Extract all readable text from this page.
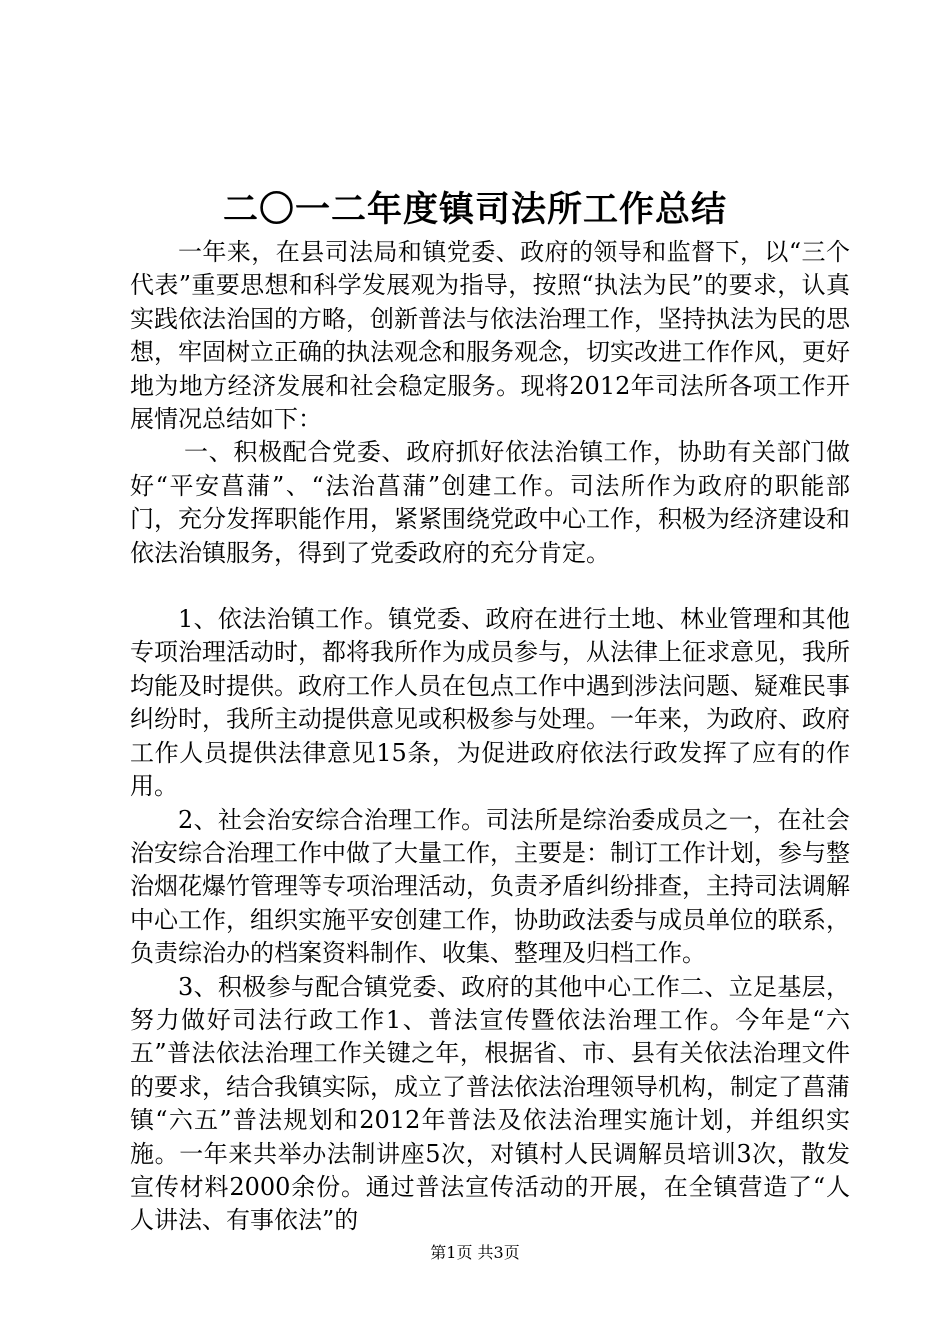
二〇一二年度镇司法所工作总结

一年来，在县司法局和镇党委、政府的领导和监督下，以“三个代表”重要思想和科学发展观为指导，按照“执法为民”的要求，认真实践依法治国的方略，创新普法与依法治理工作，坚持执法为民的思想，牢固树立正确的执法观念和服务观念，切实改进工作作风，更好地为地方经济发展和社会稳定服务。现将2012年司法所各项工作开展情况总结如下：

一、积极配合党委、政府抓好依法治镇工作，协助有关部门做好“平安菖蒲”、“法治菖蒲”创建工作。司法所作为政府的职能部门，充分发挥职能作用，紧紧围绕党政中心工作，积极为经济建设和依法治镇服务，得到了党委政府的充分肯定。

1、依法治镇工作。镇党委、政府在进行土地、林业管理和其他专项治理活动时，都将我所作为成员参与，从法律上征求意见，我所均能及时提供。政府工作人员在包点工作中遇到涉法问题、疑难民事纠纷时，我所主动提供意见或积极参与处理。一年来，为政府、政府工作人员提供法律意见15条，为促进政府依法行政发挥了应有的作用。

2、社会治安综合治理工作。司法所是综治委成员之一，在社会治安综合治理工作中做了大量工作，主要是：制订工作计划，参与整治烟花爆竹管理等专项治理活动，负责矛盾纠纷排查，主持司法调解中心工作，组织实施平安创建工作，协助政法委与成员单位的联系，负责综治办的档案资料制作、收集、整理及归档工作。

3、积极参与配合镇党委、政府的其他中心工作二、立足基层，努力做好司法行政工作1、普法宣传暨依法治理工作。今年是“六五”普法依法治理工作关键之年，根据省、市、县有关依法治理文件的要求，结合我镇实际，成立了普法依法治理领导机构，制定了菖蒲镇“六五”普法规划和2012年普法及依法治理实施计划，并组织实施。一年来共举办法制讲座5次，对镇村人民调解员培训3次，散发宣传材料2000余份。通过普法宣传活动的开展，在全镇营造了“人人讲法、有事依法”的

第1页 共3页
